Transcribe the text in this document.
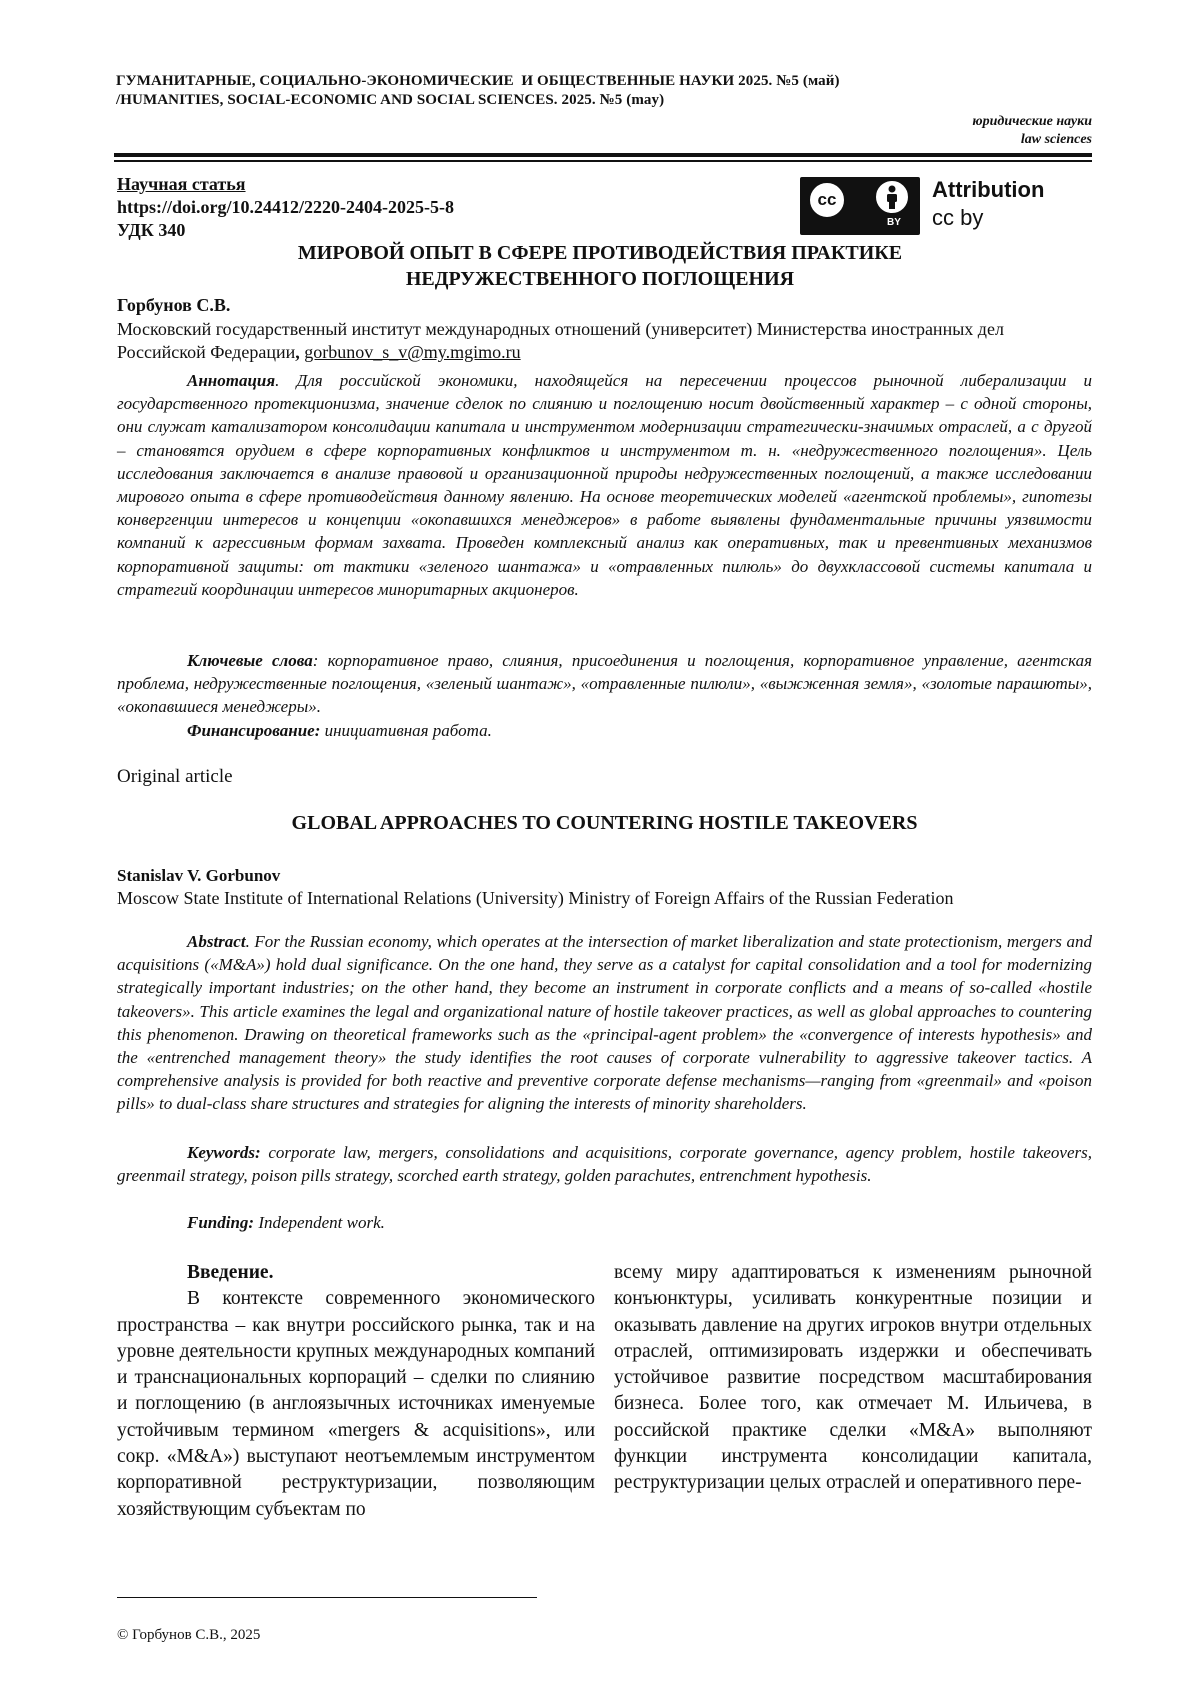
ГУМАНИТАРНЫЕ, СОЦИАЛЬНО-ЭКОНОМИЧЕСКИЕ  И ОБЩЕСТВЕННЫЕ НАУКИ 2025. №5 (май)
/HUMANITIES, SOCIAL-ECONOMIC AND SOCIAL SCIENCES. 2025. №5 (may)
юридические науки
law sciences
Научная статья
https://doi.org/10.24412/2220-2404-2025-5-8
УДК 340
cc
BY
Attribution
cc by
МИРОВОЙ ОПЫТ В СФЕРЕ ПРОТИВОДЕЙСТВИЯ ПРАКТИКЕ
НЕДРУЖЕСТВЕННОГО ПОГЛОЩЕНИЯ
Горбунов С.В.
Московский государственный институт международных отношений (университет) Министерства иностранных дел Российской Федерации, gorbunov_s_v@my.mgimo.ru

Аннотация. Для российской экономики, находящейся на пересечении процессов рыночной либерализации и государственного протекционизма, значение сделок по слиянию и поглощению носит двойственный характер – с одной стороны, они служат катализатором консолидации капитала и инструментом модернизации стратегически-значимых отраслей, а с другой – становятся орудием в сфере корпоративных конфликтов и инструментом т. н. «недружественного поглощения». Цель исследования заключается в анализе правовой и организационной природы недружественных поглощений, а также исследовании мирового опыта в сфере противодействия данному явлению. На основе теоретических моделей «агентской проблемы», гипотезы конвергенции интересов и концепции «окопавшихся менеджеров» в работе выявлены фундаментальные причины уязвимости компаний к агрессивным формам захвата. Проведен комплексный анализ как оперативных, так и превентивных механизмов корпоративной защиты: от тактики «зеленого шантажа» и «отравленных пилюль» до двухклассовой системы капитала и стратегий координации интересов миноритарных акционеров.

Ключевые слова: корпоративное право, слияния, присоединения и поглощения, корпоративное управление, агентская проблема, недружественные поглощения, «зеленый шантаж», «отравленные пилюли», «выжженная земля», «золотые парашюты», «окопавшиеся менеджеры».

Финансирование: инициативная работа.

Original article
GLOBAL APPROACHES TO COUNTERING HOSTILE TAKEOVERS
Stanislav V. Gorbunov
Moscow State Institute of International Relations (University) Ministry of Foreign Affairs of the Russian Federation

Abstract. For the Russian economy, which operates at the intersection of market liberalization and state protectionism, mergers and acquisitions («M&A») hold dual significance. On the one hand, they serve as a catalyst for capital consolidation and a tool for modernizing strategically important industries; on the other hand, they become an instrument in corporate conflicts and a means of so-called «hostile takeovers». This article examines the legal and organizational nature of hostile takeover practices, as well as global approaches to countering this phenomenon. Drawing on theoretical frameworks such as the «principal-agent problem» the «convergence of interests hypothesis» and the «entrenched management theory» the study identifies the root causes of corporate vulnerability to aggressive takeover tactics. A comprehensive analysis is provided for both reactive and preventive corporate defense mechanisms—ranging from «greenmail» and «poison pills» to dual-class share structures and strategies for aligning the interests of minority shareholders.

Keywords: corporate law, mergers, consolidations and acquisitions, corporate governance, agency problem, hostile takeovers, greenmail strategy, poison pills strategy, scorched earth strategy, golden parachutes, entrenchment hypothesis.

Funding: Independent work.

Введение.
В контексте современного экономического пространства – как внутри российского рынка, так и на уровне деятельности крупных международных компаний и транснациональных корпораций – сделки по слиянию и поглощению (в англоязычных источниках именуемые устойчивым термином «mergers & acquisitions», или сокр. «M&A») выступают неотъемлемым инструментом корпоративной реструктуризации, позволяющим хозяйствующим субъектам по
всему миру адаптироваться к изменениям рыночной конъюнктуры, усиливать конкурентные позиции и оказывать давление на других игроков внутри отдельных отраслей, оптимизировать издержки и обеспечивать устойчивое развитие посредством масштабирования бизнеса. Более того, как отмечает М. Ильичева, в российской практике сделки «M&A» выполняют функции инструмента консолидации капитала, реструктуризации целых отраслей и оперативного пере-
© Горбунов С.В., 2025
